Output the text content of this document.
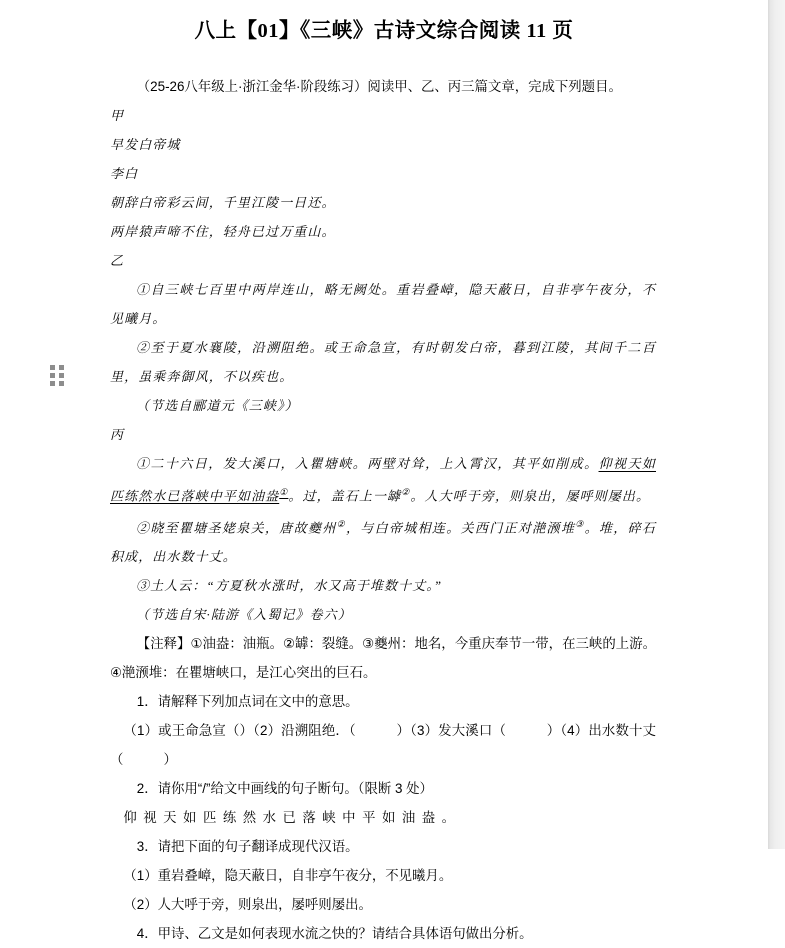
八上【01】《三峡》古诗文综合阅读 11 页

（25-26八年级上·浙江金华·阶段练习）阅读甲、乙、丙三篇文章，完成下列题目。

甲

早发白帝城

李白

朝辞白帝彩云间，千里江陵一日还。

两岸猿声啼不住，轻舟已过万重山。

乙

①自三峡七百里中两岸连山，略无阙处。重岩叠嶂，隐天蔽日，自非亭午夜分，不见曦月。

②至于夏水襄陵，沿溯阻绝。或王命急宣，有时朝发白帝，暮到江陵，其间千二百里，虽乘奔御风，不以疾也。

（节选自郦道元《三峡》）

丙

①二十六日，发大溪口，入瞿塘峡。两壁对耸，上入霄汉，其平如削成。仰视天如匹练然水已落峡中平如油盎①。过，盖石上一罅②。人大呼于旁，则泉出，屡呼则屡出。

②晓至瞿塘圣姥泉关，唐故夔州②，与白帝城相连。关西门正对滟滪堆③。堆，碎石积成，出水数十丈。

③土人云：“方夏秋水涨时，水又高于堆数十丈。”

（节选自宋·陆游《入蜀记》卷六）

【注释】①油盎：油瓶。②罅：裂缝。③夔州：地名，今重庆奉节一带，在三峡的上游。④滟滪堆：在瞿塘峡口，是江心突出的巨石。

1．请解释下列加点词在文中的意思。

（1）或王命急宣（）（2）沿溯阻绝．（　　　）（3）发大溪口（　　　）（4）出水数十丈（　　　）

2．请你用“/”给文中画线的句子断句。（限断 3 处）

仰视天如匹练然水已落峡中平如油盎。

3．请把下面的句子翻译成现代汉语。

（1）重岩叠嶂，隐天蔽日，自非亭午夜分，不见曦月。

（2）人大呼于旁，则泉出，屡呼则屡出。

4．甲诗、乙文是如何表现水流之快的？请结合具体语句做出分析。
